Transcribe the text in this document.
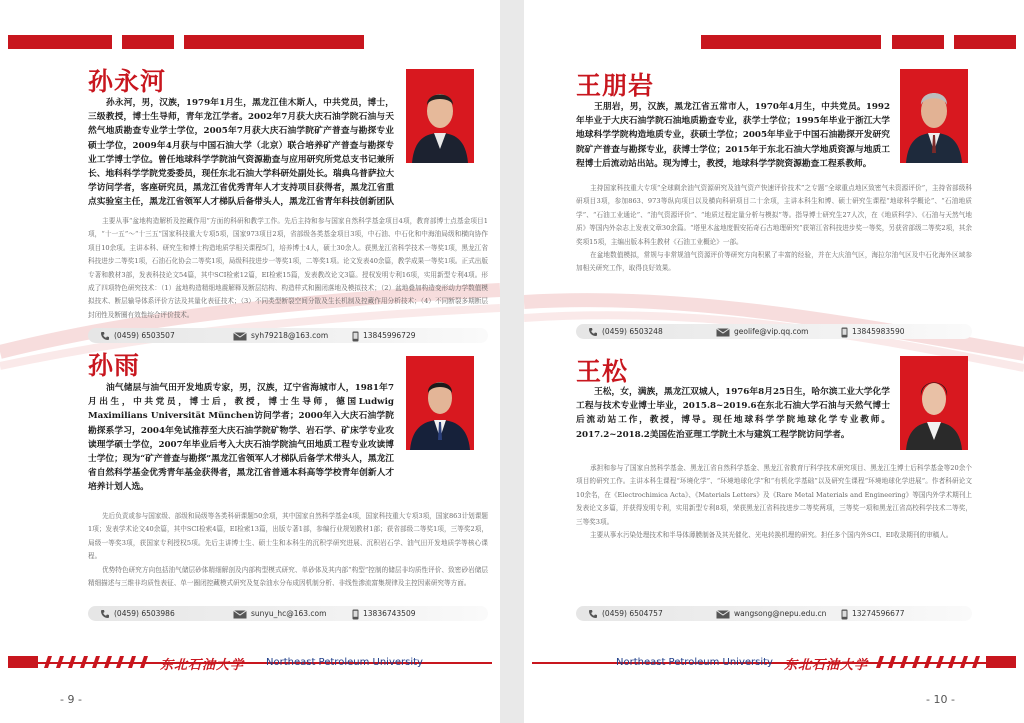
孙永河
孙永河，男，汉族，1979年1月生，黑龙江佳木斯人，中共党员，博士，三级教授，博士生导师，青年龙江学者。2002年7月获大庆石油学院石油与天然气地质勘查专业学士学位，2005年7月获大庆石油学院矿产普查与勘探专业硕士学位，2009年4月获与中国石油大学（北京）联合培养矿产普查与勘探专业工学博士学位。曾任地球科学学院油气资源勘查与应用研究所党总支书记兼所长、地科科学学院党委委员，现任东北石油大学科研处副处长。瑞典乌普萨拉大学访问学者，客座研究员，黑龙江省优秀青年人才支持项目获得者，黑龙江省重点实验室主任，黑龙江省领军人才梯队后备带头人，黑龙江省青年科技创新团队

主要从事“盆地构造解析及控藏作用”方面的科研和教学工作。先后主持和参与国家自然科学基金项目4项，教育部博士点基金项目1项，“十一五”～“十三五”国家科技重大专项5项，国家973项目2项，省部级各类基金项目3项，中石油、中石化和中海油局级和横向协作项目10余项。主讲本科、研究生和博士构造地质学相关课程5门，培养博士4人，硕士30余人。获黑龙江省科学技术一等奖1项，黑龙江省科技进步二等奖1项，石油石化协会二等奖1项，局级科技进步一等奖1项，二等奖1项。论文发表40余篇，教学成果一等奖1项。正式出版专著和教材3部，发表科技论文54篇，其中SCI检索12篇，EI检索15篇，发表教改论文3篇。授权发明专利16项，实用新型专利4项。形成了四项特色研究技术：（1）盆地构造精细地震解释及断层结构、构造样式和圈闭落地及模拟技术；（2）盆地叠加构造变形动力学数值模拟技术、断层输导体系评价方法及其量化表征技术；（3）不同类型断裂空间分散及生长机制及控藏作用分析技术；（4）不同断裂多期断层封闭性及断圈有效性综合评价技术。

(0459) 6503507	syh79218@163.com	13845996729
孙雨
油气储层与油气田开发地质专家，男，汉族，辽宁省海城市人，1981年7月出生，中共党员，博士后，教授，博士生导师，德国Ludwig Maximilians Universität München访问学者；2000年入大庆石油学院勘探系学习，2004年免试推荐至大庆石油学院矿物学、岩石学、矿床学专业攻读理学硕士学位，2007年毕业后考入大庆石油学院油气田地质工程专业攻读博士学位；现为“矿产普查与勘探”黑龙江省领军人才梯队后备学术带头人，黑龙江省自然科学基金优秀青年基金获得者，黑龙江省普通本科高等学校青年创新人才培养计划人选。

先后负责或参与国家级、部级和局级等各类科研课题50余项，其中国家自然科学基金4项，国家科技重大专项3项，国家863计划课题1项；发表学术论文40余篇，其中SCI检索4篇，EI检索13篇，出版专著1部，参编行业规划教材1部；获省部级二等奖1项，三等奖2项，局级一等奖3项，获国家专利授权5项。先后主讲博士生、硕士生和本科生的沉积学研究进展、沉积岩石学、油气田开发地质学等核心课程。

优势特色研究方向包括油气储层砂体精细解剖及内部构型模式研究、单砂体及其内部“构型”控制的储层非均质性评价、致密砂岩储层精细描述与三维非均质性表征、单一圈闭控藏模式研究及复杂油水分布成因机制分析、非线性渗流富集规律及主控因素研究等方面。

(0459) 6503986	sunyu_hc@163.com	13836743509
东北石油大学 Northeast Petroleum University
- 9 -
王朋岩
王朋岩，男，汉族，黑龙江省五常市人，1970年4月生，中共党员。1992年毕业于大庆石油学院石油地质勘查专业，获学士学位；1995年毕业于浙江大学地球科学学院构造地质专业，获硕士学位；2005年毕业于中国石油勘探开发研究院矿产普查与勘探专业，获博士学位；2015年于东北石油大学地质资源与地质工程博士后流动站出站。现为博士，教授，地球科学学院资源勘查工程系教师。

主持国家科技重大专项“全球剩余油气资源研究及油气资产快速评价技术”之专题“全球重点地区致密气未资源评价”，主持省部级科研项目3项，参加863、973等纵向项目以及横向科研项目二十余项，主讲本科生和博、硕士研究生课程“地球科学概论”、“石油地质学”、“石油工业通论”、“油气资源评价”、“地质过程定量分析与模拟”等。指导博士研究生27人次，在《地质科学》、《石油与天然气地质》等国内外杂志上发表文章30余篇。“塔里木盆地度假安拓奇石古地理研究”获第江省科技进步奖一等奖，另获省部级二等奖2项，其余奖项15项，主编出版本科生教材《石油工业概论》一部。

在盆地数值模拟，常规与非常规油气资源评价等研究方向积累了丰富的经验，并在大庆油气区，海拉尔油气区及中石化海外区域参加相关研究工作，取得良好效果。

(0459) 6503248	geolife@vip.qq.com	13845983590
王松
王松，女，满族，黑龙江双城人，1976年8月25日生，哈尔滨工业大学化学工程与技术专业博士毕业，2015.8~2019.6在东北石油大学石油与天然气博士后流动站工作，教授，博导。现任地球科学学院地球化学专业教师。2017.2~2018.2美国佐治亚理工学院土木与建筑工程学院访问学者。

承担和参与了国家自然科学基金、黑龙江省自然科学基金、黑龙江省教育厅科学技术研究项目、黑龙江生博士后科学基金等20余个项目的研究工作。主讲本科生课程“环境化学”、“环境地球化学”和“有机化学基础”以及研究生课程“环境地球化学进展”。作者科研论文10余名，在《Electrochimica Acta》、《Materials Letters》及《Rare Metal Materials and Engineering》等国内外学术期刊上发表论文多篇，并获得发明专利，实用新型专利8项，荣获黑龙江省科技进步二等奖两项，三等奖一项和黑龙江省高校科学技术二等奖，三等奖3项。

主要从事水污染处理技术和半导体薄膜制备及其光催化、光电转换机理的研究。担任多个国内外SCI、EI收录期刊的审稿人。

(0459) 6504757	wangsong@nepu.edu.cn	13274596677
Northeast Petroleum University 东北石油大学
- 10 -
